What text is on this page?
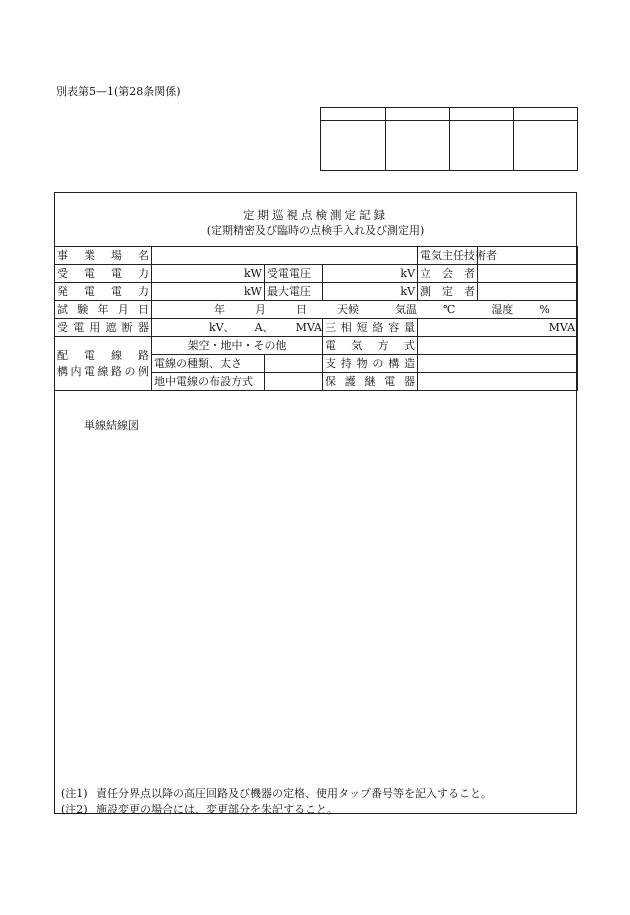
別表第5—1(第28条関係)

定期巡視点検測定記録
(定期精密及び臨時の点検手入れ及び測定用)
事業場名				電気主任技術者	
受電電力	kW	受電電圧	kV	立会者	
発電電力	kW	最大電圧	kV	測定者	
試験年月日	年 月 日 天候 気温 ℃ 湿度 %				
受電用遮断器	kV、 A、 MVA		三相短絡容量	MVA	

配電線路
構内電線路の例	架空・地中・その他		電気方式		
	電線の種類、太さ		支持物の構造		
	地中電線の布設方式		保護継電器		
単線結線図
(注1) 責任分界点以降の高圧回路及び機器の定格、使用タップ番号等を記入すること。
(注2) 施設変更の場合には、変更部分を朱記すること。
